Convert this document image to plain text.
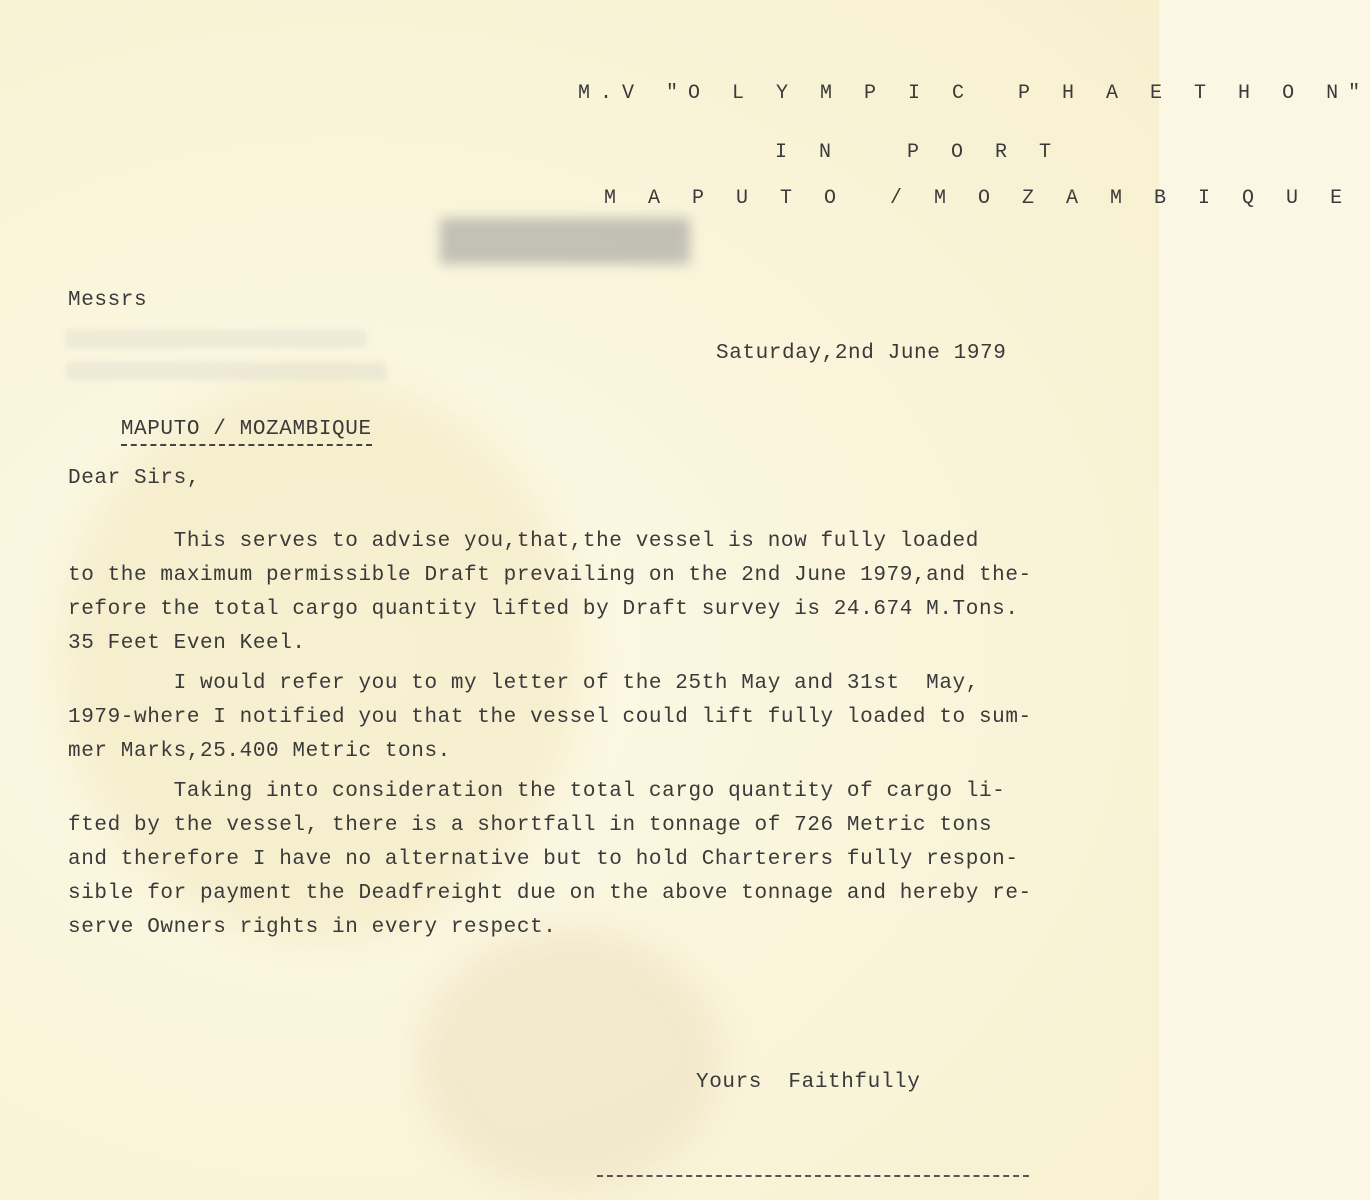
M.V "O L Y M P I C  P H A E T H O N"
I N   P O R T
M A P U T O  / M O Z A M B I Q U E
Messrs
Saturday,2nd June 1979

MAPUTO / MOZAMBIQUE

Dear Sirs,
This serves to advise you,that,the vessel is now fully loaded
to the maximum permissible Draft prevailing on the 2nd June 1979,and the-
refore the total cargo quantity lifted by Draft survey is 24.674 M.Tons.
35 Feet Even Keel.
I would refer you to my letter of the 25th May and 31st  May,
1979-where I notified you that the vessel could lift fully loaded to sum-
mer Marks,25.400 Metric tons.
Taking into consideration the total cargo quantity of cargo li-
fted by the vessel, there is a shortfall in tonnage of 726 Metric tons
and therefore I have no alternative but to hold Charterers fully respon-
sible for payment the Deadfreight due on the above tonnage and hereby re-
serve Owners rights in every respect.
Yours  Faithfully
